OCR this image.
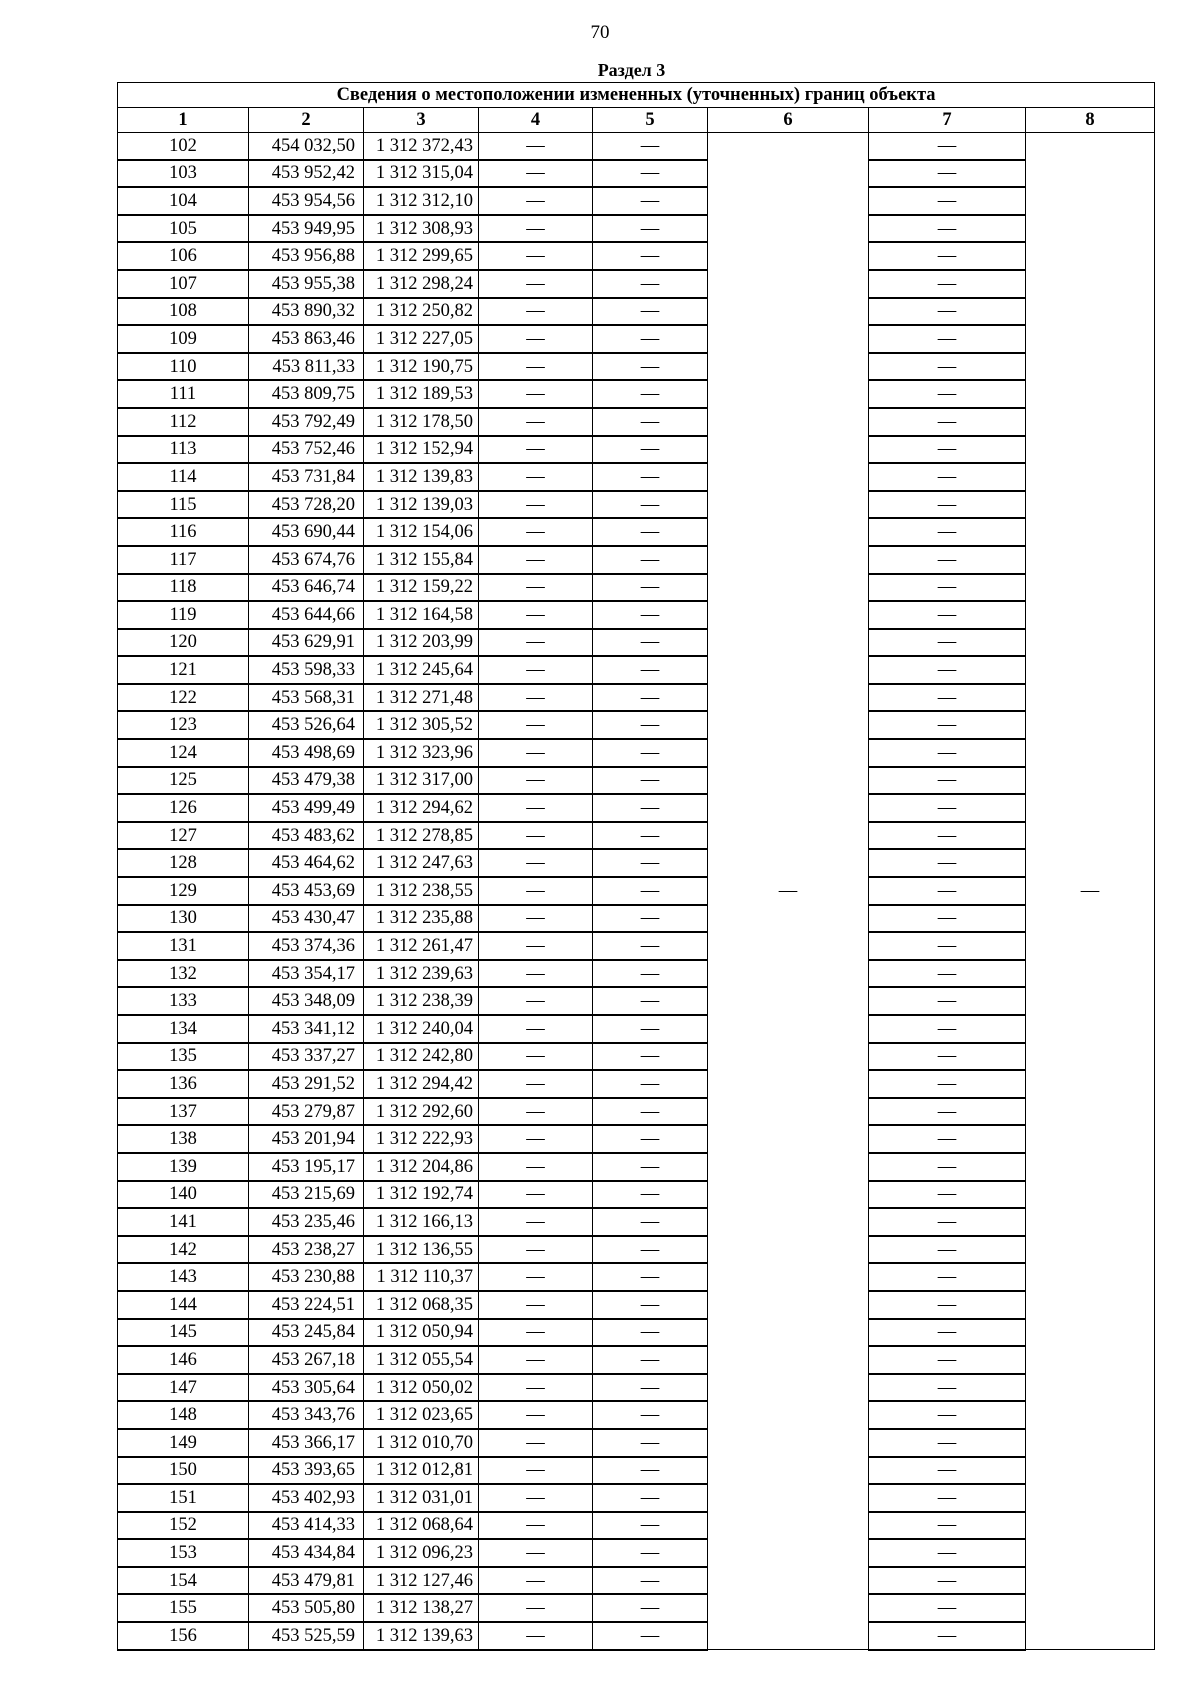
70
Раздел 3
Сведения о местоположении измененных (уточненных) границ объекта							
1	2	3	4	5	6	7	8
102	454 032,50	1 312 372,43	—	—	—	—	—
103	453 952,42	1 312 315,04	—	—		—	
104	453 954,56	1 312 312,10	—	—		—	
105	453 949,95	1 312 308,93	—	—		—	
106	453 956,88	1 312 299,65	—	—		—	
107	453 955,38	1 312 298,24	—	—		—	
108	453 890,32	1 312 250,82	—	—		—	
109	453 863,46	1 312 227,05	—	—		—	
110	453 811,33	1 312 190,75	—	—		—	
111	453 809,75	1 312 189,53	—	—		—	
112	453 792,49	1 312 178,50	—	—		—	
113	453 752,46	1 312 152,94	—	—		—	
114	453 731,84	1 312 139,83	—	—		—	
115	453 728,20	1 312 139,03	—	—		—	
116	453 690,44	1 312 154,06	—	—		—	
117	453 674,76	1 312 155,84	—	—		—	
118	453 646,74	1 312 159,22	—	—		—	
119	453 644,66	1 312 164,58	—	—		—	
120	453 629,91	1 312 203,99	—	—		—	
121	453 598,33	1 312 245,64	—	—		—	
122	453 568,31	1 312 271,48	—	—		—	
123	453 526,64	1 312 305,52	—	—		—	
124	453 498,69	1 312 323,96	—	—		—	
125	453 479,38	1 312 317,00	—	—		—	
126	453 499,49	1 312 294,62	—	—		—	
127	453 483,62	1 312 278,85	—	—		—	
128	453 464,62	1 312 247,63	—	—		—	
129	453 453,69	1 312 238,55	—	—		—	
130	453 430,47	1 312 235,88	—	—		—	
131	453 374,36	1 312 261,47	—	—		—	
132	453 354,17	1 312 239,63	—	—		—	
133	453 348,09	1 312 238,39	—	—		—	
134	453 341,12	1 312 240,04	—	—		—	
135	453 337,27	1 312 242,80	—	—		—	
136	453 291,52	1 312 294,42	—	—		—	
137	453 279,87	1 312 292,60	—	—		—	
138	453 201,94	1 312 222,93	—	—		—	
139	453 195,17	1 312 204,86	—	—		—	
140	453 215,69	1 312 192,74	—	—		—	
141	453 235,46	1 312 166,13	—	—		—	
142	453 238,27	1 312 136,55	—	—		—	
143	453 230,88	1 312 110,37	—	—		—	
144	453 224,51	1 312 068,35	—	—		—	
145	453 245,84	1 312 050,94	—	—		—	
146	453 267,18	1 312 055,54	—	—		—	
147	453 305,64	1 312 050,02	—	—		—	
148	453 343,76	1 312 023,65	—	—		—	
149	453 366,17	1 312 010,70	—	—		—	
150	453 393,65	1 312 012,81	—	—		—	
151	453 402,93	1 312 031,01	—	—		—	
152	453 414,33	1 312 068,64	—	—		—	
153	453 434,84	1 312 096,23	—	—		—	
154	453 479,81	1 312 127,46	—	—		—	
155	453 505,80	1 312 138,27	—	—		—	
156	453 525,59	1 312 139,63	—	—		—	
